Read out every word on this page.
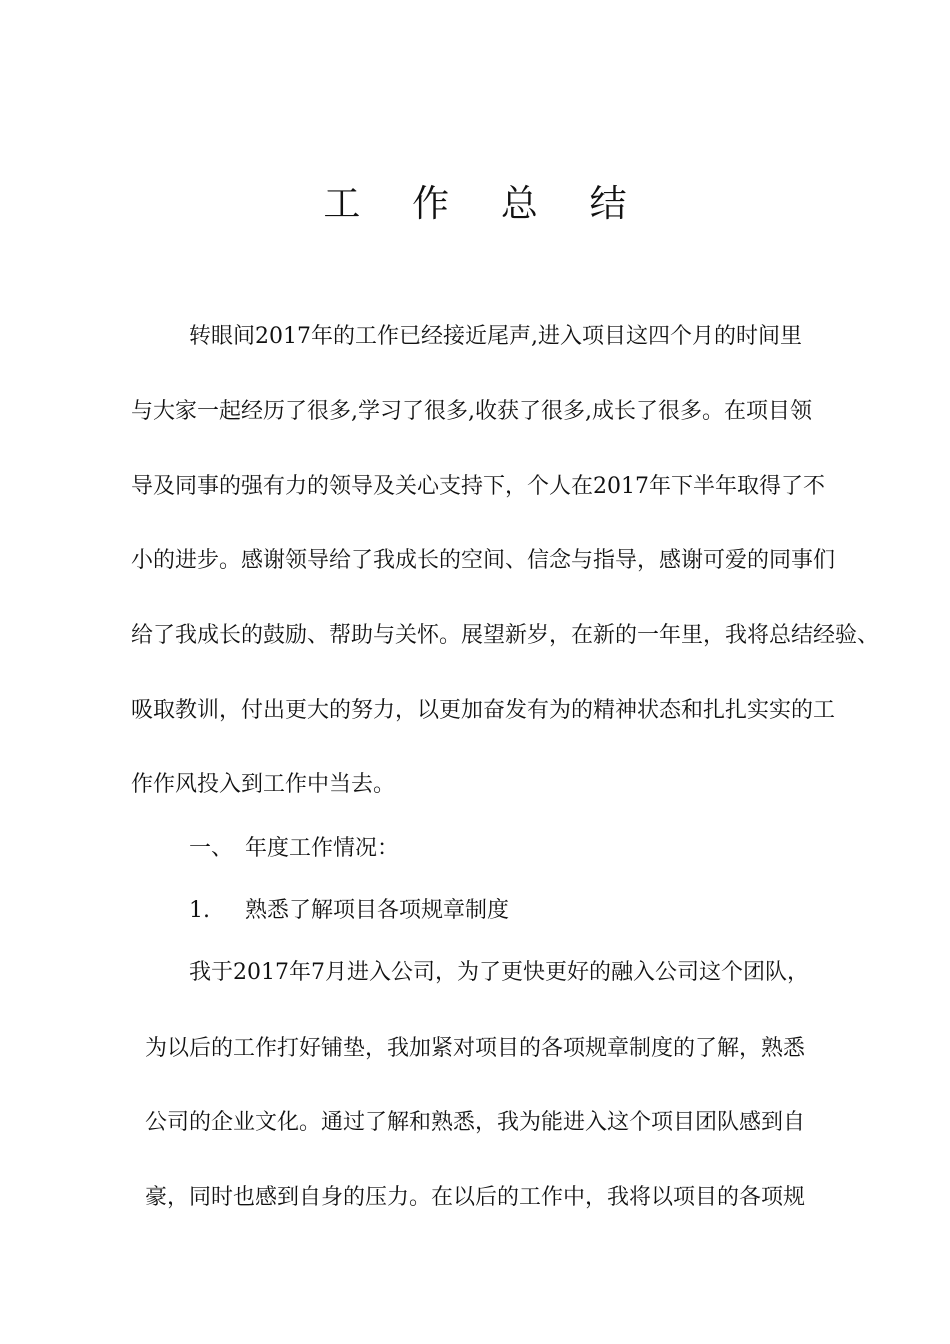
工 作 总 结
转眼间2017年的工作已经接近尾声,进入项目这四个月的时间里
与大家一起经历了很多,学习了很多,收获了很多,成长了很多。在项目领
导及同事的强有力的领导及关心支持下，个人在2017年下半年取得了不
小的进步。感谢领导给了我成长的空间、信念与指导，感谢可爱的同事们
给了我成长的鼓励、帮助与关怀。展望新岁，在新的一年里，我将总结经验、
吸取教训，付出更大的努力，以更加奋发有为的精神状态和扎扎实实的工
作作风投入到工作中当去。
一、 年度工作情况：
1. 熟悉了解项目各项规章制度
我于2017年7月进入公司，为了更快更好的融入公司这个团队，
为以后的工作打好铺垫，我加紧对项目的各项规章制度的了解，熟悉
公司的企业文化。通过了解和熟悉，我为能进入这个项目团队感到自
豪，同时也感到自身的压力。在以后的工作中，我将以项目的各项规
